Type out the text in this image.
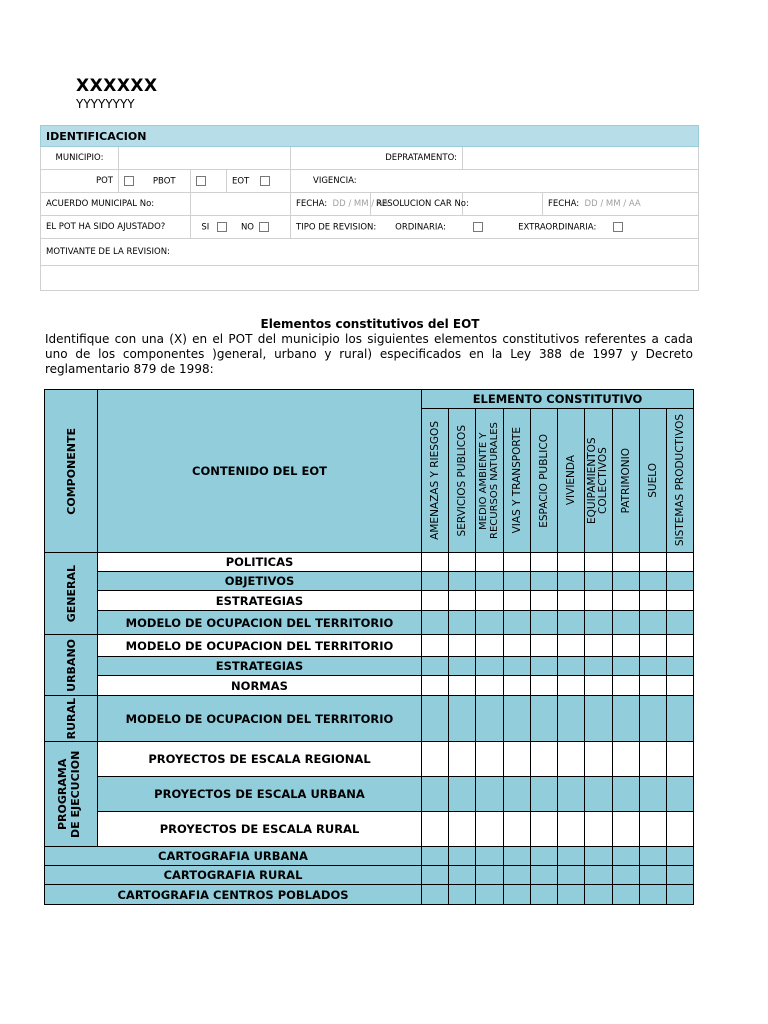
XXXXXX
YYYYYYYY
IDENTIFICACION							
MUNICIPIO:				DEPRATAMENTO:			
POT	PBOT		EOT	VIGENCIA:			
ACUERDO MUNICIPAL No:				FECHA: DD / MM / AA	RESOLUCION CAR No:		FECHA: DD / MM / AA
EL POT HA SIDO AJUSTADO?		SI NO		TIPO DE REVISION: ORDINARIA: EXTRAORDINARIA:			
MOTIVANTE DE LA REVISION:							

Elementos constitutivos del EOT
Identifique con una (X) en el POT del municipio los siguientes elementos constitutivos referentes a cada uno de los componentes )general, urbano y rural) especificados en la Ley 388 de 1997 y Decreto reglamentario 879 de 1998:
COMPONENTE	CONTENIDO DEL EOT	ELEMENTO CONSTITUTIVO									

		AMENAZAS Y RIESGOS	SERVICIOS PUBLICOS	MEDIO AMBIENTE Y RECURSOS NATURALES	VIAS Y TRANSPORTE	ESPACIO PUBLICO	VIVIENDA	EQUIPAMIENTOS COLECTIVOS	PATRIMONIO	SUELO	SISTEMAS PRODUCTIVOS

GENERAL	POLITICAS										
	OBJETIVOS										
	ESTRATEGIAS										
	MODELO DE OCUPACION DEL TERRITORIO										

URBANO	MODELO DE OCUPACION DEL TERRITORIO										
	ESTRATEGIAS										
	NORMAS										

RURAL	MODELO DE OCUPACION DEL TERRITORIO										

PROGRAMA DE EJECUCION	PROYECTOS DE ESCALA REGIONAL										
	PROYECTOS DE ESCALA URBANA										
	PROYECTOS DE ESCALA RURAL										
CARTOGRAFIA URBANA											
CARTOGRAFIA RURAL											
CARTOGRAFIA CENTROS POBLADOS											
